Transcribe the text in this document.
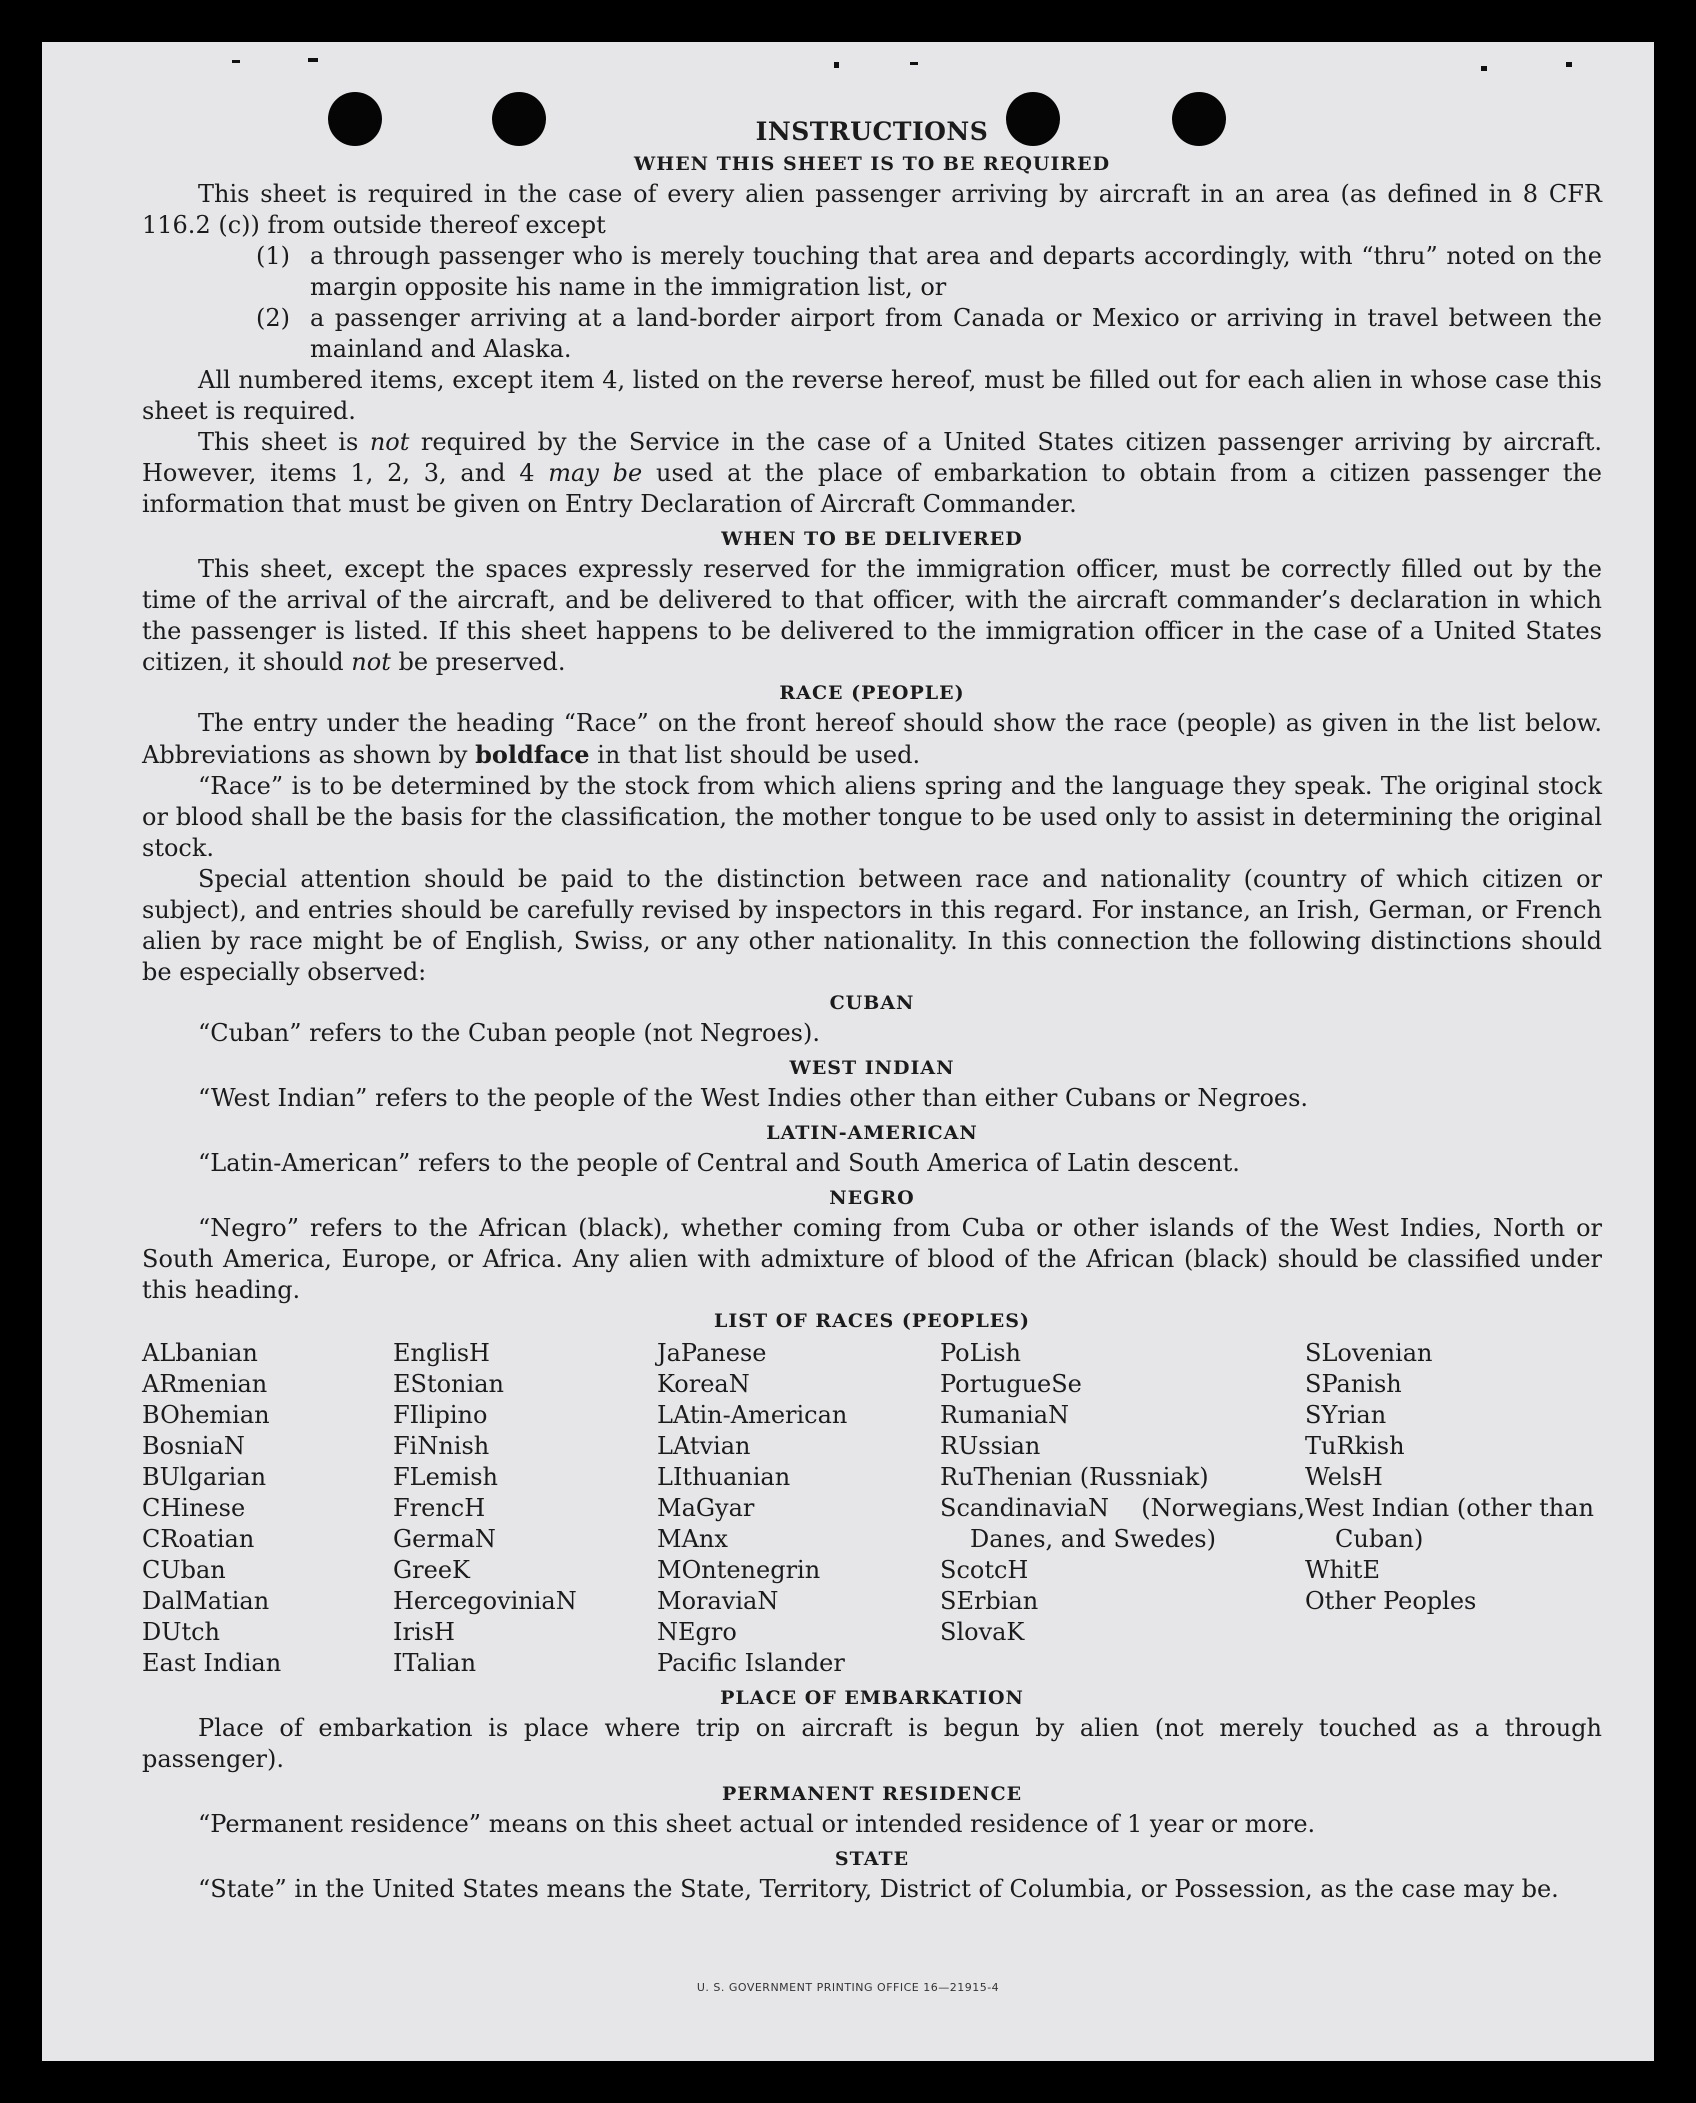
INSTRUCTIONS
WHEN THIS SHEET IS TO BE REQUIRED

This sheet is required in the case of every alien passenger arriving by aircraft in an area (as defined in 8 CFR 116.2 (c)) from outside thereof except

(1) a through passenger who is merely touching that area and departs accordingly, with “thru” noted on the margin opposite his name in the immigration list, or
(2) a passenger arriving at a land-border airport from Canada or Mexico or arriving in travel between the mainland and Alaska.

All numbered items, except item 4, listed on the reverse hereof, must be filled out for each alien in whose case this sheet is required.

This sheet is not required by the Service in the case of a United States citizen passenger arriving by aircraft. However, items 1, 2, 3, and 4 may be used at the place of embarkation to obtain from a citizen passenger the information that must be given on Entry Declaration of Aircraft Commander.

WHEN TO BE DELIVERED

This sheet, except the spaces expressly reserved for the immigration officer, must be correctly filled out by the time of the arrival of the aircraft, and be delivered to that officer, with the aircraft commander’s declaration in which the passenger is listed. If this sheet happens to be delivered to the immigration officer in the case of a United States citizen, it should not be preserved.

RACE (PEOPLE)

The entry under the heading “Race” on the front hereof should show the race (people) as given in the list below. Abbreviations as shown by boldface in that list should be used.

“Race” is to be determined by the stock from which aliens spring and the language they speak. The original stock or blood shall be the basis for the classification, the mother tongue to be used only to assist in determining the original stock.

Special attention should be paid to the distinction between race and nationality (country of which citizen or subject), and entries should be carefully revised by inspectors in this regard. For instance, an Irish, German, or French alien by race might be of English, Swiss, or any other nationality. In this connection the following distinctions should be especially observed:

CUBAN

“Cuban” refers to the Cuban people (not Negroes).

WEST INDIAN

“West Indian” refers to the people of the West Indies other than either Cubans or Negroes.

LATIN-AMERICAN

“Latin-American” refers to the people of Central and South America of Latin descent.

NEGRO

“Negro” refers to the African (black), whether coming from Cuba or other islands of the West Indies, North or South America, Europe, or Africa. Any alien with admixture of blood of the African (black) should be classified under this heading.

LIST OF RACES (PEOPLES)
ALbanian
ARmenian
BOhemian
BosniaN
BUlgarian
CHinese
CRoatian
CUban
DalMatian
DUtch
East Indian
EnglisH
EStonian
FIlipino
FiNnish
FLemish
FrencH
GermaN
GreeK
HercegoviniaN
IrisH
ITalian
JaPanese
KoreaN
LAtin-American
LAtvian
LIthuanian
MaGyar
MAnx
MOntenegrin
MoraviaN
NEgro
Pacific Islander
PoLish
PortugueSe
RumaniaN
RUssian
RuThenian (Russniak)
ScandinaviaN (Norwegians, Danes, and Swedes)
ScotcH
SErbian
SlovaK
SLovenian
SPanish
SYrian
TuRkish
WelsH
West Indian (other than Cuban)
WhitE
Other Peoples
PLACE OF EMBARKATION

Place of embarkation is place where trip on aircraft is begun by alien (not merely touched as a through passenger).

PERMANENT RESIDENCE

“Permanent residence” means on this sheet actual or intended residence of 1 year or more.

STATE

“State” in the United States means the State, Territory, District of Columbia, or Possession, as the case may be.

U. S. GOVERNMENT PRINTING OFFICE 16—21915-4
